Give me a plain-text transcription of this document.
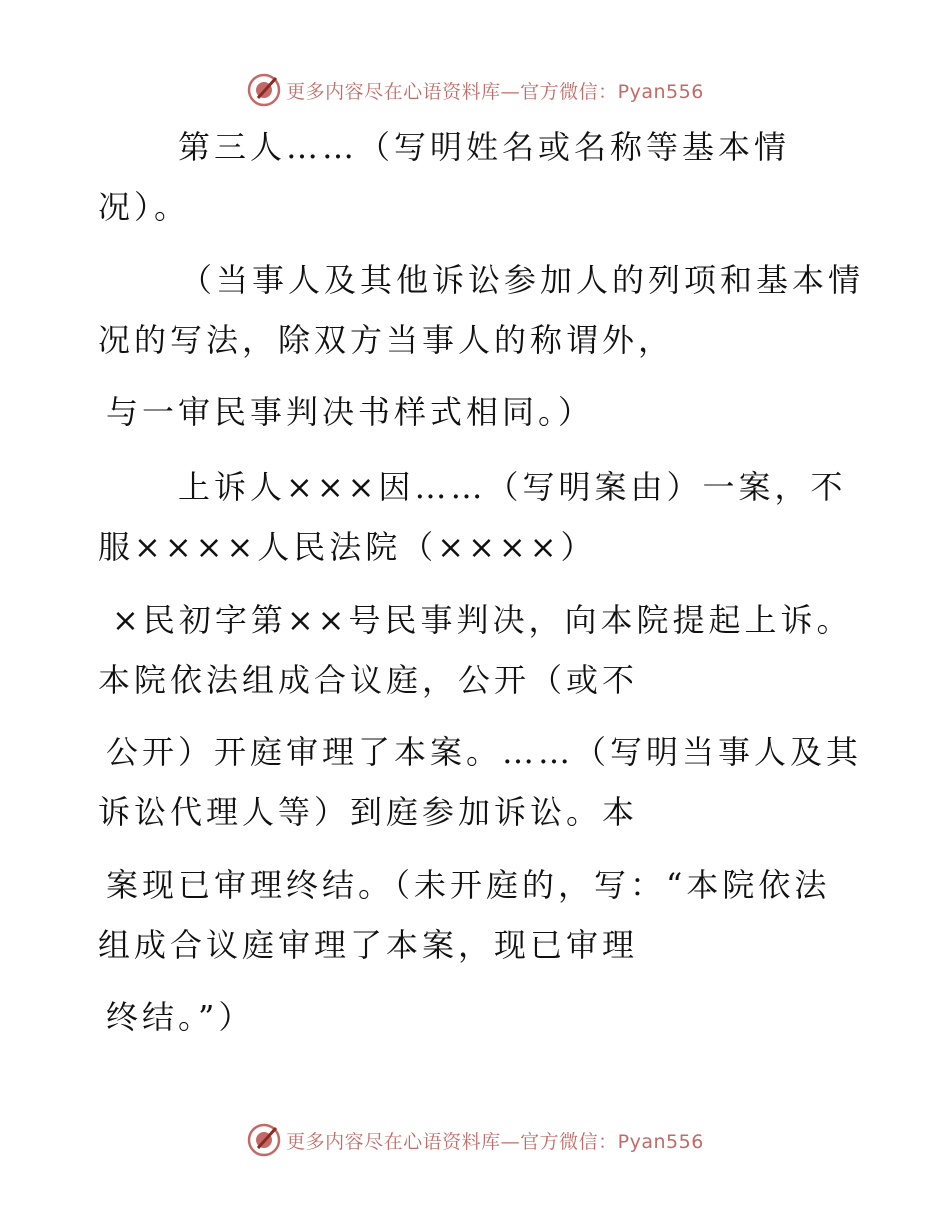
更多内容尽在心语资料库—官方微信：Pyan556
第三人……（写明姓名或名称等基本情
况）。
（当事人及其他诉讼参加人的列项和基本情
况的写法，除双方当事人的称谓外，
与一审民事判决书样式相同。）
上诉人×××因……（写明案由）一案，不
服××××人民法院（××××）
×民初字第××号民事判决，向本院提起上诉。
本院依法组成合议庭，公开（或不
公开）开庭审理了本案。……（写明当事人及其
诉讼代理人等）到庭参加诉讼。本
案现已审理终结。（未开庭的，写：“本院依法
组成合议庭审理了本案，现已审理
终结。”）
更多内容尽在心语资料库—官方微信：Pyan556
